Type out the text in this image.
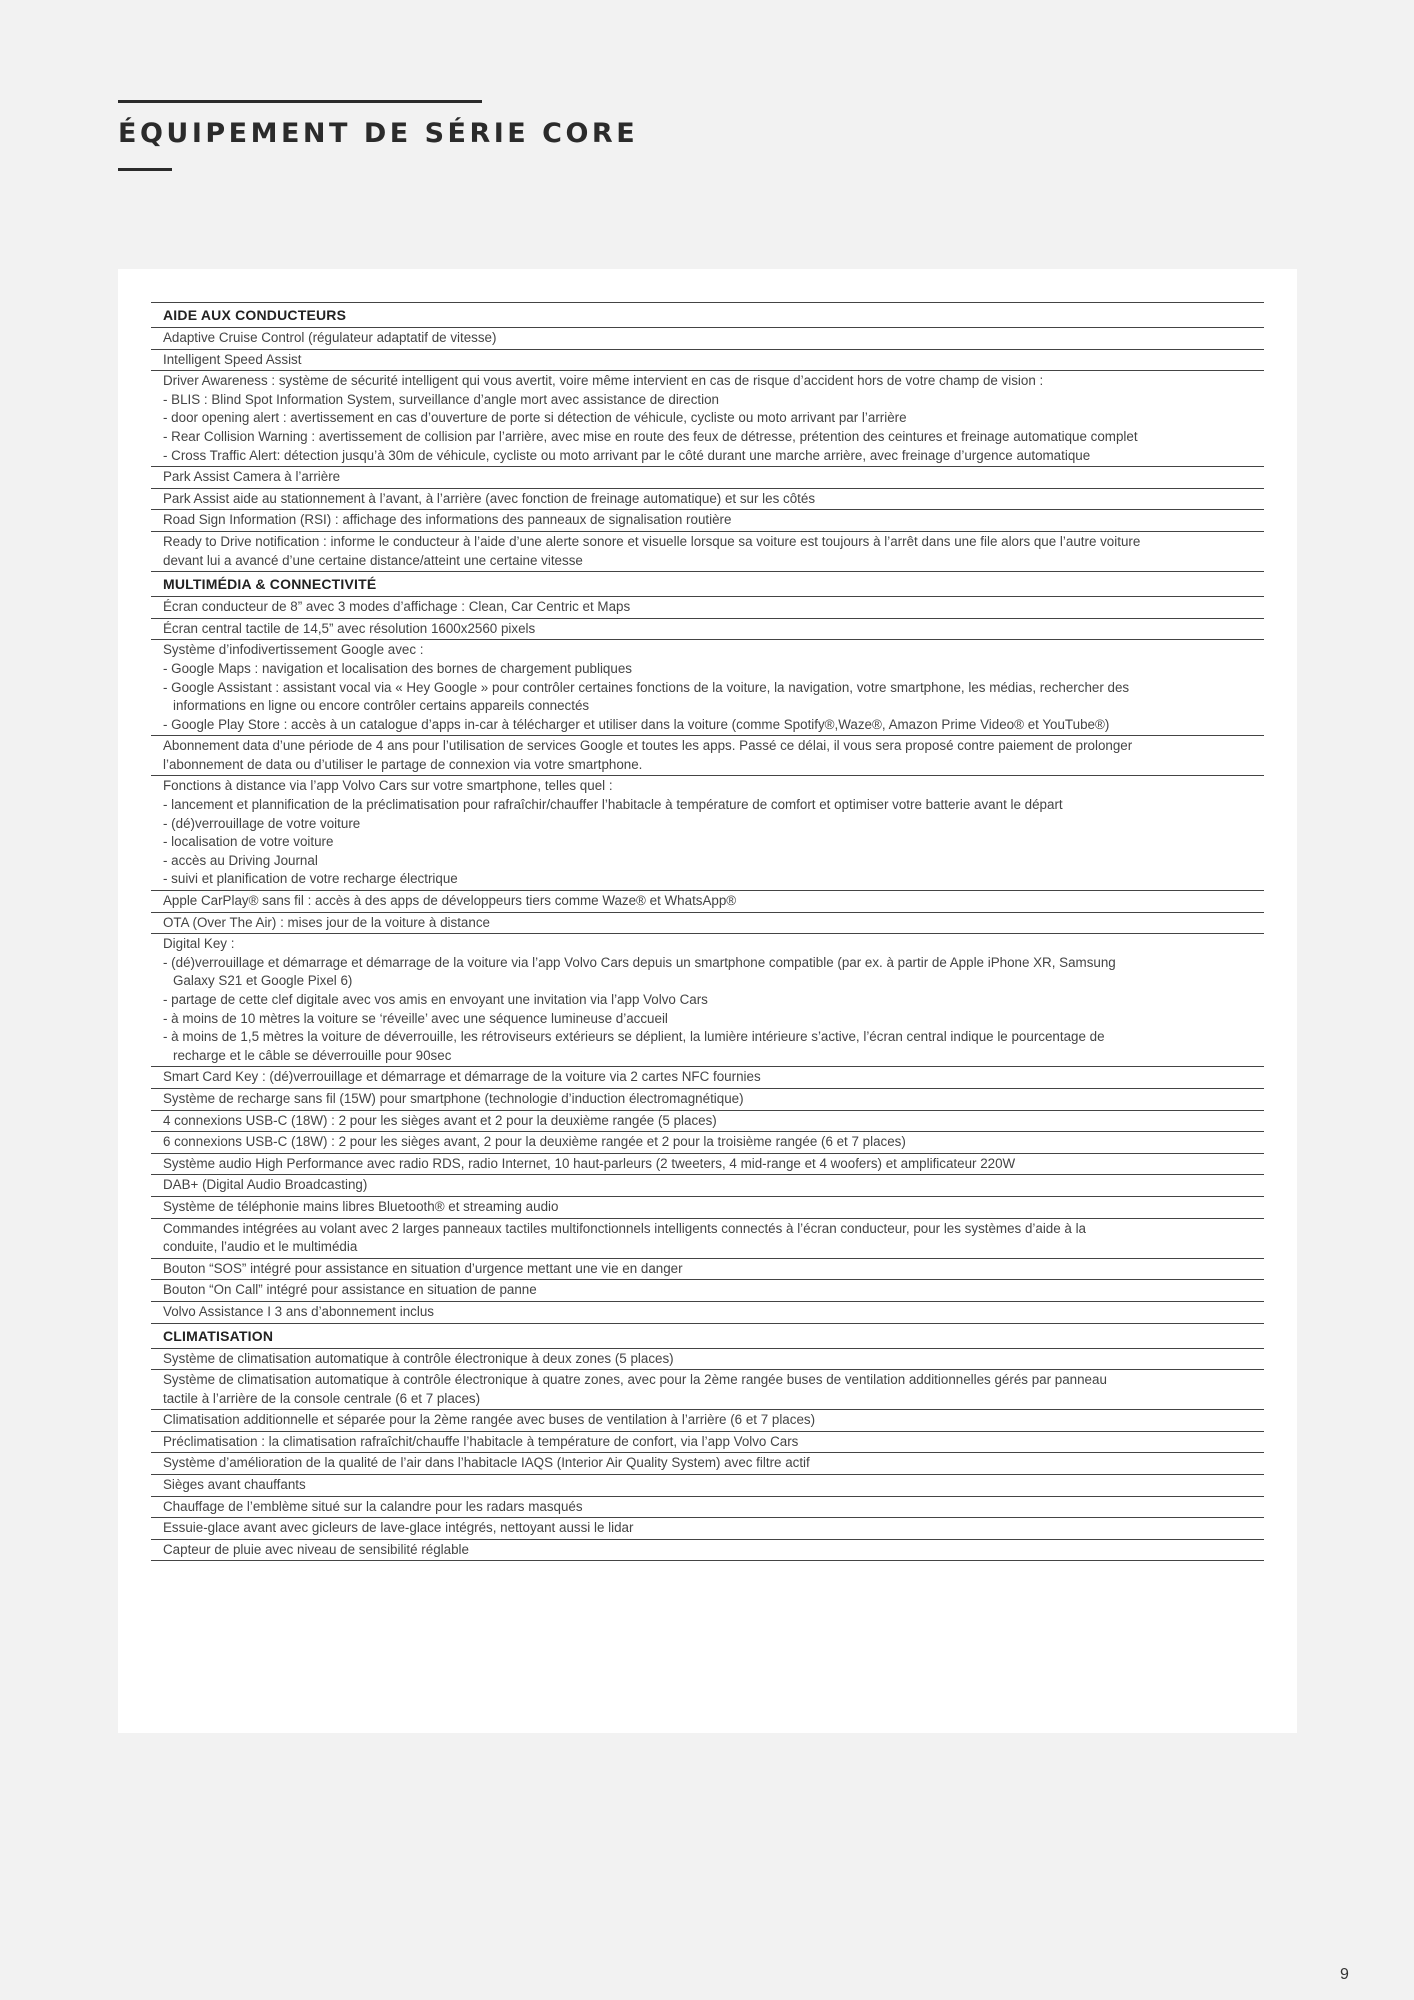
ÉQUIPEMENT DE SÉRIE CORE
AIDE AUX CONDUCTEURS
Adaptive Cruise Control (régulateur adaptatif de vitesse)
Intelligent Speed Assist
Driver Awareness : système de sécurité intelligent qui vous avertit, voire même intervient en cas de risque d’accident hors de votre champ de vision :
- BLIS : Blind Spot Information System, surveillance d’angle mort avec assistance de direction
- door opening alert : avertissement en cas d’ouverture de porte si détection de véhicule, cycliste ou moto arrivant par l’arrière
- Rear Collision Warning : avertissement de collision par l’arrière, avec mise en route des feux de détresse, prétention des ceintures et freinage automatique complet
- Cross Traffic Alert: détection jusqu’à 30m de véhicule, cycliste ou moto arrivant par le côté durant une marche arrière, avec freinage d’urgence automatique
Park Assist Camera à l’arrière
Park Assist aide au stationnement à l’avant, à l’arrière (avec fonction de freinage automatique) et sur les côtés
Road Sign Information (RSI) : affichage des informations des panneaux de signalisation routière
Ready to Drive notification : informe le conducteur à l’aide d’une alerte sonore et visuelle lorsque sa voiture est toujours à l’arrêt dans une file alors que l’autre voiture
devant lui a avancé d’une certaine distance/atteint une certaine vitesse
MULTIMÉDIA & CONNECTIVITÉ
Écran conducteur de 8” avec 3 modes d’affichage : Clean, Car Centric et Maps
Écran central tactile de 14,5” avec résolution 1600x2560 pixels
Système d’infodivertissement Google avec :
- Google Maps : navigation et localisation des bornes de chargement publiques
- Google Assistant : assistant vocal via « Hey Google » pour contrôler certaines fonctions de la voiture, la navigation, votre smartphone, les médias, rechercher des
informations en ligne ou encore contrôler certains appareils connectés
- Google Play Store : accès à un catalogue d’apps in-car à télécharger et utiliser dans la voiture (comme Spotify®,Waze®, Amazon Prime Video® et YouTube®)
Abonnement data d’une période de 4 ans pour l’utilisation de services Google et toutes les apps. Passé ce délai, il vous sera proposé contre paiement de prolonger
l’abonnement de data ou d’utiliser le partage de connexion via votre smartphone.
Fonctions à distance via l’app Volvo Cars sur votre smartphone, telles quel :
- lancement et plannification de la préclimatisation pour rafraîchir/chauffer l’habitacle à température de comfort et optimiser votre batterie avant le départ
- (dé)verrouillage de votre voiture
- localisation de votre voiture
- accès au Driving Journal
- suivi et planification de votre recharge électrique
Apple CarPlay® sans fil : accès à des apps de développeurs tiers comme Waze® et WhatsApp®
OTA (Over The Air) : mises jour de la voiture à distance
Digital Key :
- (dé)verrouillage et démarrage et démarrage de la voiture via l’app Volvo Cars depuis un smartphone compatible (par ex. à partir de Apple iPhone XR, Samsung
Galaxy S21 et Google Pixel 6)
- partage de cette clef digitale avec vos amis en envoyant une invitation via l’app Volvo Cars
- à moins de 10 mètres la voiture se ‘réveille’ avec une séquence lumineuse d’accueil
- à moins de 1,5 mètres la voiture de déverrouille, les rétroviseurs extérieurs se déplient, la lumière intérieure s’active, l’écran central indique le pourcentage de
recharge et le câble se déverrouille pour 90sec
Smart Card Key : (dé)verrouillage et démarrage et démarrage de la voiture via 2 cartes NFC fournies
Système de recharge sans fil (15W) pour smartphone (technologie d’induction électromagnétique)
4 connexions USB-C (18W) : 2 pour les sièges avant et 2 pour la deuxième rangée (5 places)
6 connexions USB-C (18W) : 2 pour les sièges avant, 2 pour la deuxième rangée et 2 pour la troisième rangée (6 et 7 places)
Système audio High Performance avec radio RDS, radio Internet, 10 haut-parleurs (2 tweeters, 4 mid-range et 4 woofers) et amplificateur 220W
DAB+ (Digital Audio Broadcasting)
Système de téléphonie mains libres Bluetooth® et streaming audio
Commandes intégrées au volant avec 2 larges panneaux tactiles multifonctionnels intelligents connectés à l’écran conducteur, pour les systèmes d’aide à la
conduite, l’audio et le multimédia
Bouton “SOS” intégré pour assistance en situation d’urgence mettant une vie en danger
Bouton “On Call” intégré pour assistance en situation de panne
Volvo Assistance I 3 ans d’abonnement inclus
CLIMATISATION
Système de climatisation automatique à contrôle électronique à deux zones (5 places)
Système de climatisation automatique à contrôle électronique à quatre zones, avec pour la 2ème rangée buses de ventilation additionnelles gérés par panneau
tactile à l’arrière de la console centrale (6 et 7 places)
Climatisation additionnelle et séparée pour la 2ème rangée avec buses de ventilation à l’arrière (6 et 7 places)
Préclimatisation : la climatisation rafraîchit/chauffe l’habitacle à température de confort, via l’app Volvo Cars
Système d’amélioration de la qualité de l’air dans l’habitacle IAQS (Interior Air Quality System) avec filtre actif
Sièges avant chauffants
Chauffage de l’emblème situé sur la calandre pour les radars masqués
Essuie-glace avant avec gicleurs de lave-glace intégrés, nettoyant aussi le lidar
Capteur de pluie avec niveau de sensibilité réglable
9
